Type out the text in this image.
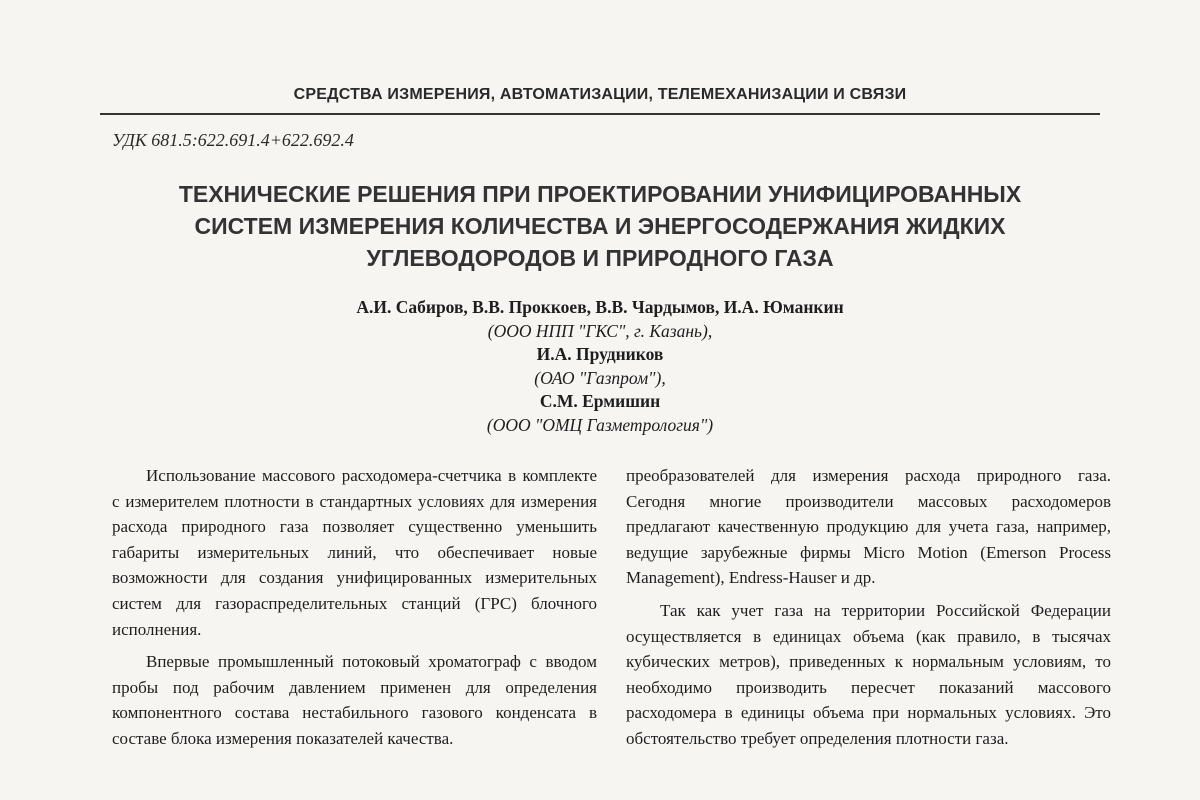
СРЕДСТВА ИЗМЕРЕНИЯ, АВТОМАТИЗАЦИИ, ТЕЛЕМЕХАНИЗАЦИИ И СВЯЗИ
УДК 681.5:622.691.4+622.692.4
ТЕХНИЧЕСКИЕ РЕШЕНИЯ ПРИ ПРОЕКТИРОВАНИИ УНИФИЦИРОВАННЫХ
СИСТЕМ ИЗМЕРЕНИЯ КОЛИЧЕСТВА И ЭНЕРГОСОДЕРЖАНИЯ ЖИДКИХ
УГЛЕВОДОРОДОВ И ПРИРОДНОГО ГАЗА
А.И. Сабиров, В.В. Проккоев, В.В. Чардымов, И.А. Юманкин
(ООО НПП "ГКС", г. Казань),
И.А. Прудников
(ОАО "Газпром"),
С.М. Ермишин
(ООО "ОМЦ Газметрология")

Использование массового расходомера-счетчика в комплекте с измерителем плотности в стандартных условиях для измерения расхода природного газа позволяет существенно уменьшить габариты измерительных линий, что обеспечивает новые возможности для создания унифицированных измерительных систем для газораспределительных станций (ГРС) блочного исполнения.

Впервые промышленный потоковый хроматограф с вводом пробы под рабочим давлением применен для определения компонентного состава нестабильного газового конденсата в составе блока измерения показателей качества.

преобразователей для измерения расхода природного газа. Сегодня многие производители массовых расходомеров предлагают качественную продукцию для учета газа, например, ведущие зарубежные фирмы Micro Motion (Emerson Process Management), Endress-Hauser и др.

Так как учет газа на территории Российской Федерации осуществляется в единицах объема (как правило, в тысячах кубических метров), приведенных к нормальным условиям, то необходимо производить пересчет показаний массового расходомера в единицы объема при нормальных условиях. Это обстоятельство требует определения плотности газа.
